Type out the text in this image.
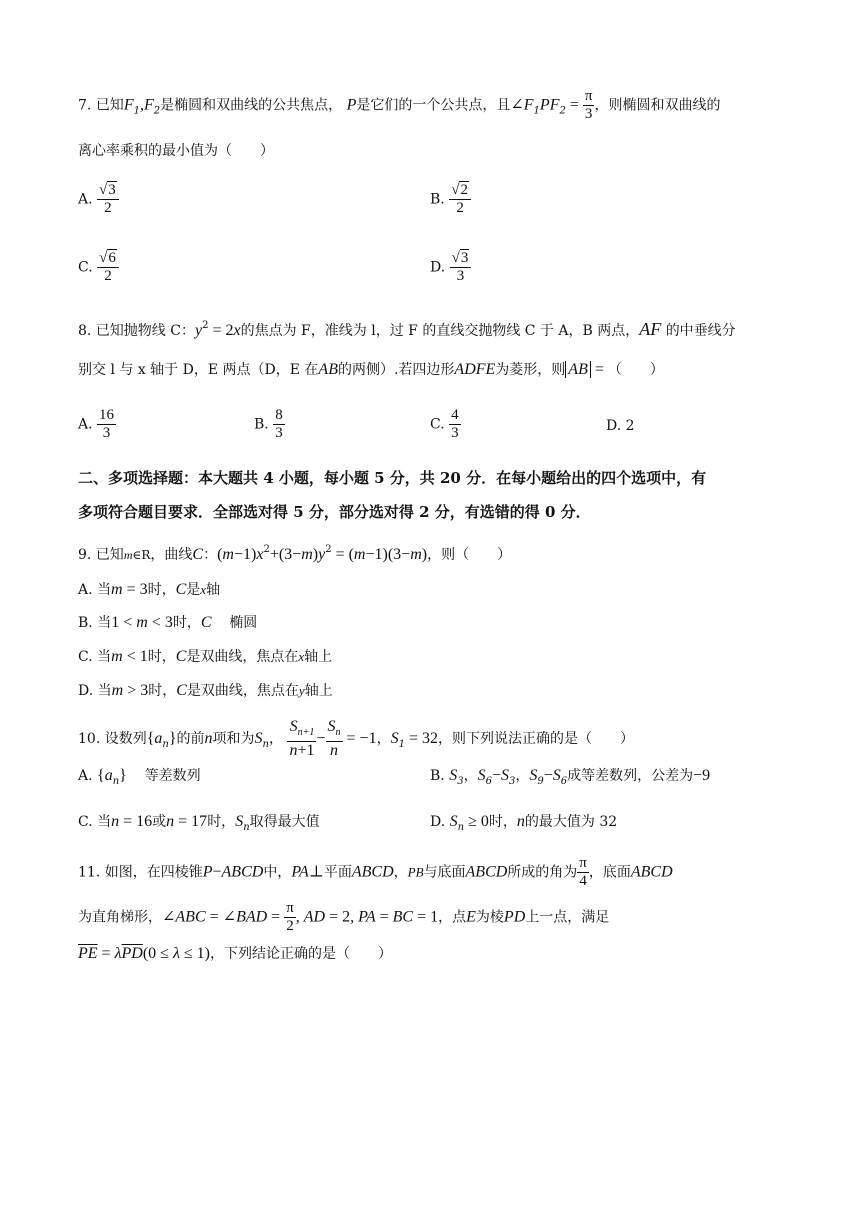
7. 已知$F_1,F_2$是椭圆和双曲线的公共焦点， P是它们的一个公共点，且$\angle F_1PF_2 = \frac{\pi}{3}$ ，则椭圆和双曲线的
离心率乘积的最小值为（　　）
A. $\frac{√3}{2}$	B. $\frac{√2}{2}$
C. $\frac{√6}{2}$	D. $\frac{√3}{3}$
8. 已知抛物线 C：$y^2 = 2x$的焦点为 F，准线为 l，过 F 的直线交抛物线 C 于 A，B 两点，AF 的中垂线分
别交 l 与 x 轴于 D，E 两点（D，E 在AB的两侧）.若四边形ADFE为菱形，则 AB = （　　）
A. $\frac{16}{3}$	B. $\frac{8}{3}$	C. $\frac{4}{3}$	D. 2
二、多项选择题：本大题共 4 小题，每小题 5 分，共 20 分．在每小题给出的四个选项中，有
多项符合题目要求．全部选对得 5 分，部分选对得 2 分，有选错的得 0 分．
9. 已知m∈R，曲线C：$(m-1)x^2+(3-m)y^2 = (m-1)(3-m)$，则（　　）
A. 当m = 3时，C是x轴
B. 当1 < m < 3时，C 椭圆
C. 当m < 1时，C是双曲线，焦点在x轴上
D. 当m > 3时，C是双曲线，焦点在y轴上
10. 设数列$\{a_n\}$的前n项和为$S_n$， $\frac{S_{n+1}}{n+1} - \frac{S_n}{n} = -1$，$S_1 = 32$，则下列说法正确的是（　　）
A. $\{a_n\}$ 等差数列	B. $S_3$，$S_6-S_3$，$S_9-S_6$成等差数列，公差为−9
C. 当n = 16或n = 17时，$S_n$取得最大值	D. $S_n \ge 0$时，n的最大值为 32
11. 如图，在四棱锥P−ABCD中，PA⊥平面ABCD，PB与底面ABCD所成的角为 $\frac{\pi}{4}$ ，底面ABCD
为直角梯形，∠ABC = ∠BAD = $\frac{\pi}{2}$ , AD = 2, PA = BC = 1，点E为棱PD上一点，满足
$\overline{PE} = \lambda\overline{PD}(0 \le \lambda \le 1)$，下列结论正确的是（　　）
